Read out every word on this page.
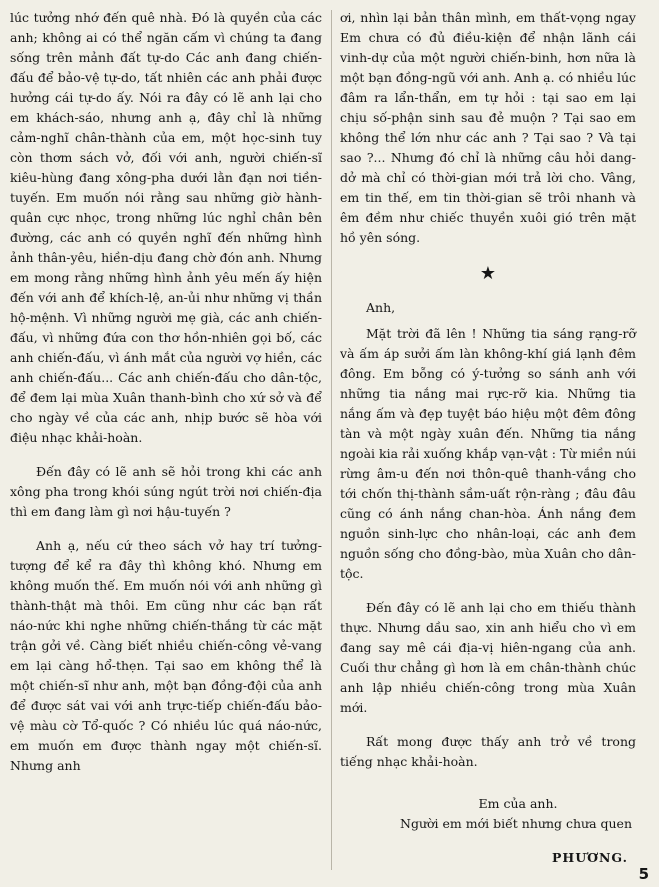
lúc tưởng nhớ đến quê nhà. Đó là quyền của các anh; không ai có thể ngăn cấm vì chúng ta đang sống trên mảnh đất tự-do Các anh đang chiến-đấu để bảo-vệ tự-do, tất nhiên các anh phải được hưởng cái tự-do ấy. Nói ra đây có lẽ anh lại cho em khách-sáo, nhưng anh ạ, đây chỉ là những cảm-nghĩ chân-thành của em, một học-sinh tuy còn thơm sách vở, đối với anh, người chiến-sĩ kiêu-hùng đang xông-pha dưới lằn đạn nơi tiền-tuyến. Em muốn nói rằng sau những giờ hành-quân cực nhọc, trong những lúc nghỉ chân bên đường, các anh có quyền nghĩ đến những hình ảnh thân-yêu, hiền-dịu đang chờ đón anh. Nhưng em mong rằng những hình ảnh yêu mến ấy hiện đến với anh để khích-lệ, an-ủi như những vị thần hộ-mệnh. Vì những người mẹ già, các anh chiến-đấu, vì những đứa con thơ hồn-nhiên gọi bố, các anh chiến-đấu, vì ánh mắt của người vợ hiền, các anh chiến-đấu... Các anh chiến-đấu cho dân-tộc, để đem lại mùa Xuân thanh-bình cho xứ sở và để cho ngày về của các anh, nhịp bước sẽ hòa với điệu nhạc khải-hoàn.

Đến đây có lẽ anh sẽ hỏi trong khi các anh xông pha trong khói súng ngút trời nơi chiến-địa thì em đang làm gì nơi hậu-tuyến ?

Anh ạ, nếu cứ theo sách vở hay trí tưởng-tượng để kể ra đây thì không khó. Nhưng em không muốn thế. Em muốn nói với anh những gì thành-thật mà thôi. Em cũng như các bạn rất náo-nức khi nghe những chiến-thắng từ các mặt trận gởi về. Càng biết nhiều chiến-công vẻ-vang em lại càng hổ-thẹn. Tại sao em không thể là một chiến-sĩ như anh, một bạn đồng-đội của anh để được sát vai với anh trực-tiếp chiến-đấu bảo-vệ màu cờ Tổ-quốc ? Có nhiều lúc quá náo-nức, em muốn em được thành ngay một chiến-sĩ. Nhưng anh

ơi, nhìn lại bản thân mình, em thất-vọng ngay Em chưa có đủ điều-kiện để nhận lãnh cái vinh-dự của một người chiến-binh, hơn nữa là một bạn đồng-ngũ với anh. Anh ạ. có nhiều lúc đâm ra lẩn-thẩn, em tự hỏi : tại sao em lại chịu số-phận sinh sau đẻ muộn ? Tại sao em không thể lớn như các anh ? Tại sao ? Và tại sao ?... Nhưng đó chỉ là những câu hỏi dang-dở mà chỉ có thời-gian mới trả lời cho. Vâng, em tin thế, em tin thời-gian sẽ trôi nhanh và êm đềm như chiếc thuyền xuôi gió trên mặt hồ yên sóng.

★

Anh,

Mặt trời đã lên ! Những tia sáng rạng-rỡ và ấm áp sưởi ấm làn không-khí giá lạnh đêm đông. Em bỗng có ý-tưởng so sánh anh với những tia nắng mai rực-rỡ kia. Những tia nắng ấm và đẹp tuyệt báo hiệu một đêm đông tàn và một ngày xuân đến. Những tia nắng ngoài kia rải xuống khắp vạn-vật : Từ miền núi rừng âm-u đến nơi thôn-quê thanh-vắng cho tới chốn thị-thành sầm-uất rộn-ràng ; đâu đâu cũng có ánh nắng chan-hòa. Ánh nắng đem nguồn sinh-lực cho nhân-loại, các anh đem nguồn sống cho đồng-bào, mùa Xuân cho dân-tộc.

Đến đây có lẽ anh lại cho em thiếu thành thực. Nhưng dầu sao, xin anh hiểu cho vì em đang say mê cái địa-vị hiên-ngang của anh. Cuối thư chẳng gì hơn là em chân-thành chúc anh lập nhiều chiến-công trong mùa Xuân mới.

Rất mong được thấy anh trở về trong tiếng nhạc khải-hoàn.

Em của anh.

Người em mới biết nhưng chưa quen

PHƯƠNG.

5
